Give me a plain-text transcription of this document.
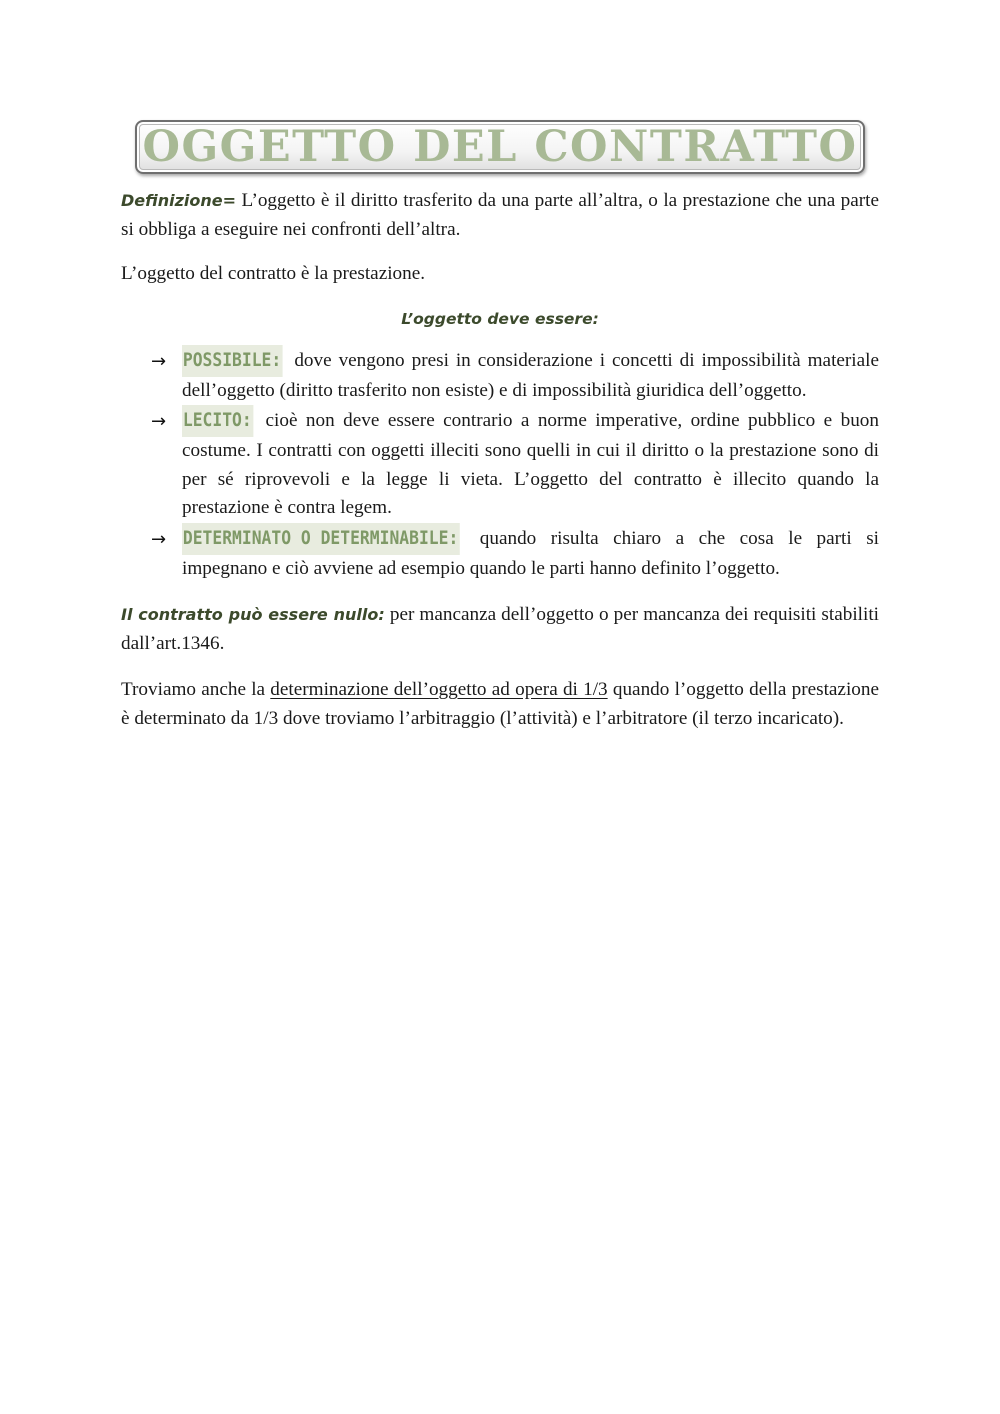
OGGETTO DEL CONTRATTO

Definizione= L’oggetto è il diritto trasferito da una parte all’altra, o la prestazione che una parte si obbliga a eseguire nei confronti dell’altra.

L’oggetto del contratto è la prestazione.

L’oggetto deve essere:
→ POSSIBILE: dove vengono presi in considerazione i concetti di impossibilità materiale dell’oggetto (diritto trasferito non esiste) e di impossibilità giuridica dell’oggetto.
→ LECITO: cioè non deve essere contrario a norme imperative, ordine pubblico e buon costume. I contratti con oggetti illeciti sono quelli in cui il diritto o la prestazione sono di per sé riprovevoli e la legge li vieta. L’oggetto del contratto è illecito quando la prestazione è contra legem.
→ DETERMINATO O DETERMINABILE: quando risulta chiaro a che cosa le parti si impegnano e ciò avviene ad esempio quando le parti hanno definito l’oggetto.

Il contratto può essere nullo: per mancanza dell’oggetto o per mancanza dei requisiti stabiliti dall’art.1346.

Troviamo anche la determinazione dell’oggetto ad opera di 1/3 quando l’oggetto della prestazione è determinato da 1/3 dove troviamo l’arbitraggio (l’attività) e l’arbitratore (il terzo incaricato).
